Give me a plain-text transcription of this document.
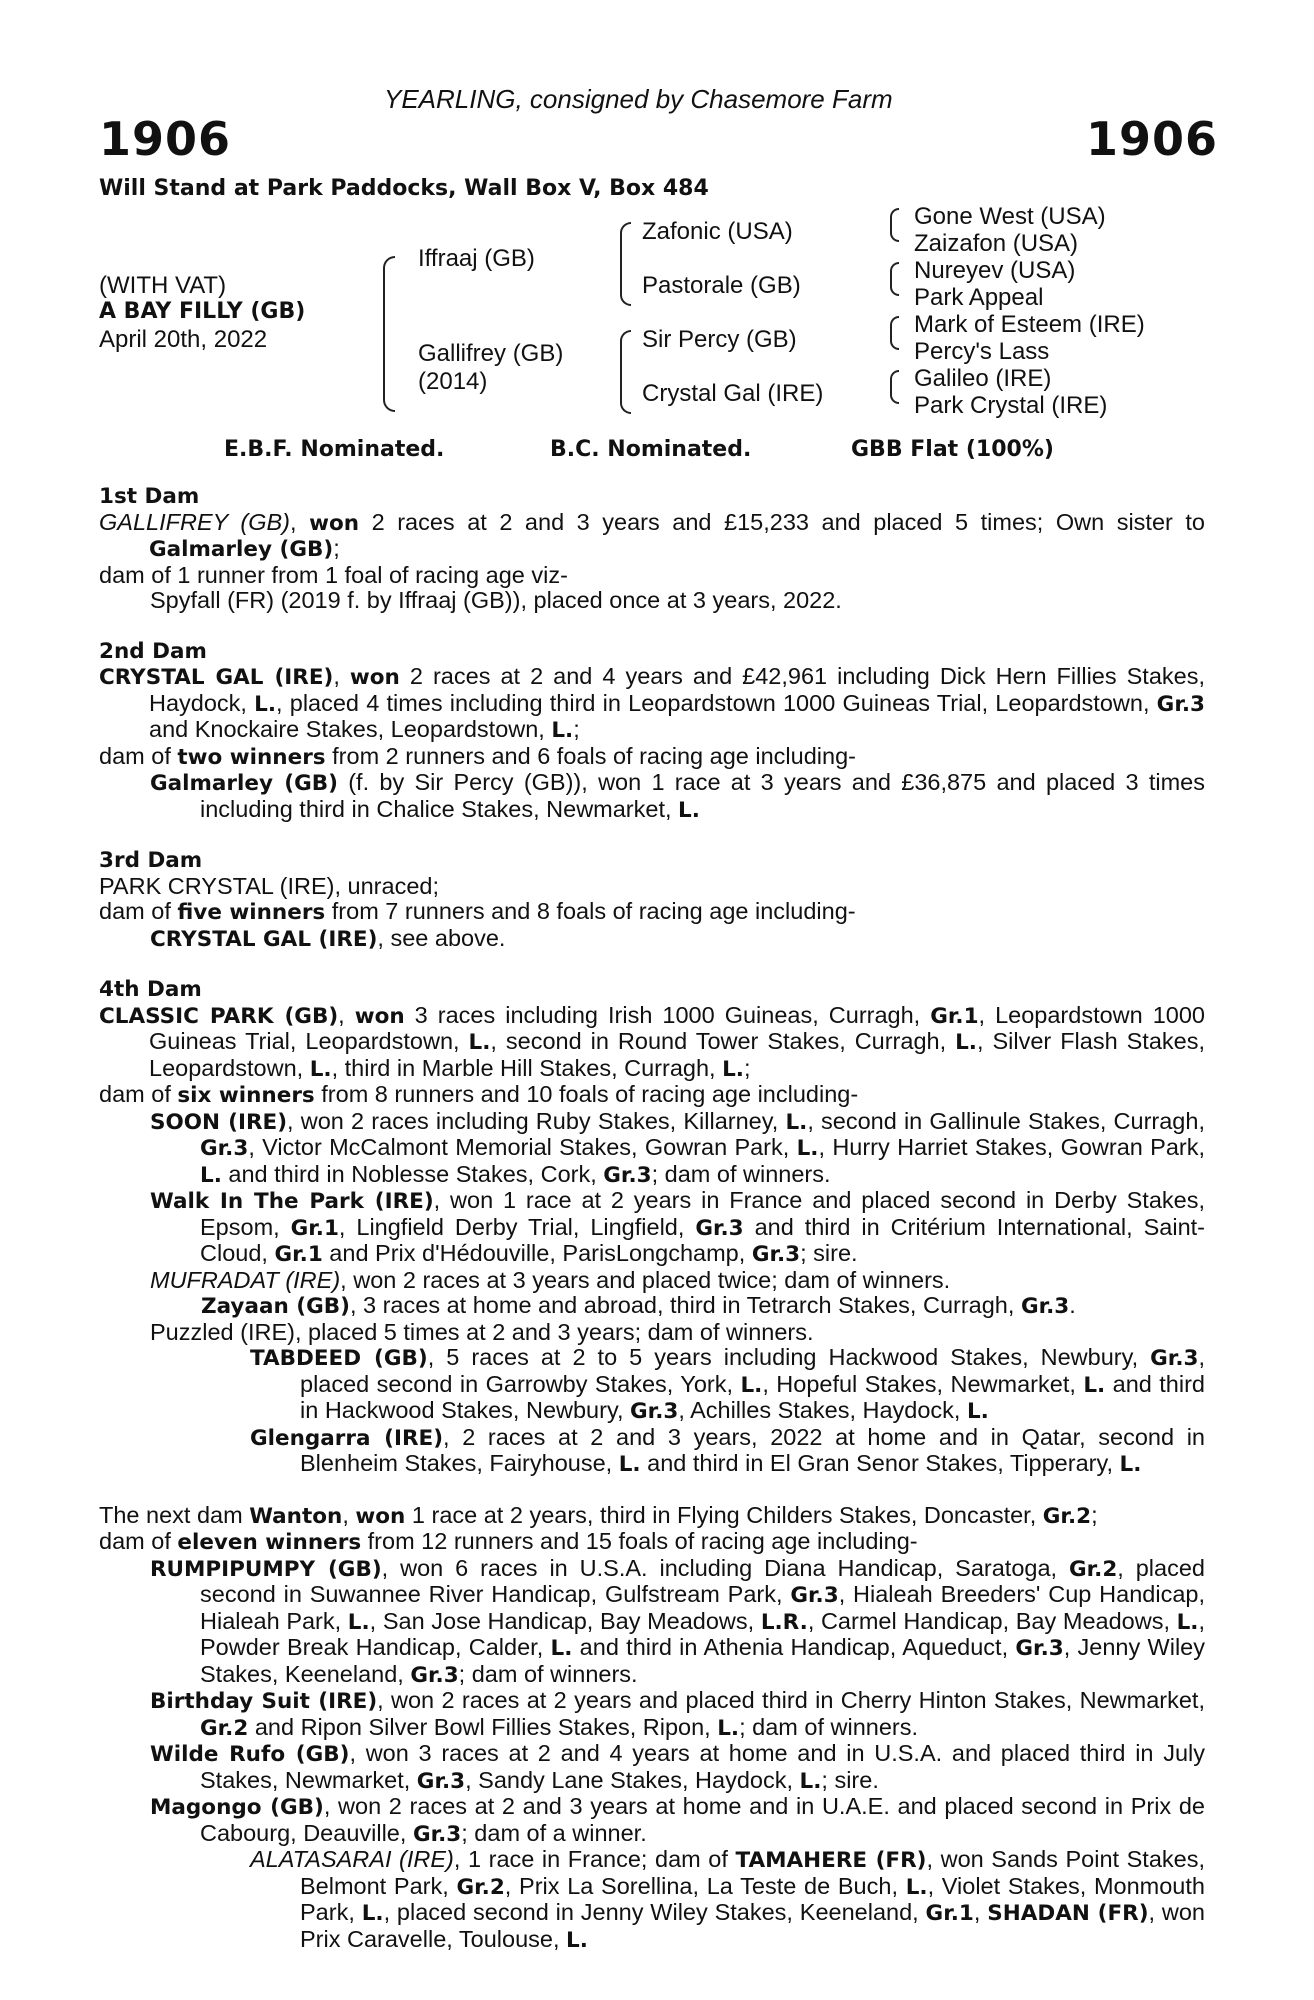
YEARLING, consigned by Chasemore Farm
1906	1906
Will Stand at Park Paddocks, Wall Box V, Box 484
(WITH VAT)
A BAY FILLY (GB)
April 20th, 2022
Iffraaj (GB)
Gallifrey (GB)
(2014)
Zafonic (USA)
Pastorale (GB)
Sir Percy (GB)
Crystal Gal (IRE)
Gone West (USA)
Zaizafon (USA)
Nureyev (USA)
Park Appeal
Mark of Esteem (IRE)
Percy's Lass
Galileo (IRE)
Park Crystal (IRE)
E.B.F. Nominated.	B.C. Nominated.	GBB Flat (100%)

1st Dam

GALLIFREY (GB), won 2 races at 2 and 3 years and £15,233 and placed 5 times; Own sister to Galmarley (GB);

dam of 1 runner from 1 foal of racing age viz-

Spyfall (FR) (2019 f. by Iffraaj (GB)), placed once at 3 years, 2022.

2nd Dam

CRYSTAL GAL (IRE), won 2 races at 2 and 4 years and £42,961 including Dick Hern Fillies Stakes, Haydock, L., placed 4 times including third in Leopardstown 1000 Guineas Trial, Leopardstown, Gr.3 and Knockaire Stakes, Leopardstown, L.;

dam of two winners from 2 runners and 6 foals of racing age including-

Galmarley (GB) (f. by Sir Percy (GB)), won 1 race at 3 years and £36,875 and placed 3 times including third in Chalice Stakes, Newmarket, L.

3rd Dam

PARK CRYSTAL (IRE), unraced;

dam of five winners from 7 runners and 8 foals of racing age including-

CRYSTAL GAL (IRE), see above.

4th Dam

CLASSIC PARK (GB), won 3 races including Irish 1000 Guineas, Curragh, Gr.1, Leopardstown 1000 Guineas Trial, Leopardstown, L., second in Round Tower Stakes, Curragh, L., Silver Flash Stakes, Leopardstown, L., third in Marble Hill Stakes, Curragh, L.;

dam of six winners from 8 runners and 10 foals of racing age including-

SOON (IRE), won 2 races including Ruby Stakes, Killarney, L., second in Gallinule Stakes, Curragh, Gr.3, Victor McCalmont Memorial Stakes, Gowran Park, L., Hurry Harriet Stakes, Gowran Park, L. and third in Noblesse Stakes, Cork, Gr.3; dam of winners.

Walk In The Park (IRE), won 1 race at 2 years in France and placed second in Derby Stakes, Epsom, Gr.1, Lingfield Derby Trial, Lingfield, Gr.3 and third in Critérium International, Saint-Cloud, Gr.1 and Prix d'Hédouville, ParisLongchamp, Gr.3; sire.

MUFRADAT (IRE), won 2 races at 3 years and placed twice; dam of winners.

Zayaan (GB), 3 races at home and abroad, third in Tetrarch Stakes, Curragh, Gr.3.

Puzzled (IRE), placed 5 times at 2 and 3 years; dam of winners.

TABDEED (GB), 5 races at 2 to 5 years including Hackwood Stakes, Newbury, Gr.3, placed second in Garrowby Stakes, York, L., Hopeful Stakes, Newmarket, L. and third in Hackwood Stakes, Newbury, Gr.3, Achilles Stakes, Haydock, L.

Glengarra (IRE), 2 races at 2 and 3 years, 2022 at home and in Qatar, second in Blenheim Stakes, Fairyhouse, L. and third in El Gran Senor Stakes, Tipperary, L.

The next dam Wanton, won 1 race at 2 years, third in Flying Childers Stakes, Doncaster, Gr.2;

dam of eleven winners from 12 runners and 15 foals of racing age including-

RUMPIPUMPY (GB), won 6 races in U.S.A. including Diana Handicap, Saratoga, Gr.2, placed second in Suwannee River Handicap, Gulfstream Park, Gr.3, Hialeah Breeders' Cup Handicap, Hialeah Park, L., San Jose Handicap, Bay Meadows, L.R., Carmel Handicap, Bay Meadows, L., Powder Break Handicap, Calder, L. and third in Athenia Handicap, Aqueduct, Gr.3, Jenny Wiley Stakes, Keeneland, Gr.3; dam of winners.

Birthday Suit (IRE), won 2 races at 2 years and placed third in Cherry Hinton Stakes, Newmarket, Gr.2 and Ripon Silver Bowl Fillies Stakes, Ripon, L.; dam of winners.

Wilde Rufo (GB), won 3 races at 2 and 4 years at home and in U.S.A. and placed third in July Stakes, Newmarket, Gr.3, Sandy Lane Stakes, Haydock, L.; sire.

Magongo (GB), won 2 races at 2 and 3 years at home and in U.A.E. and placed second in Prix de Cabourg, Deauville, Gr.3; dam of a winner.

ALATASARAI (IRE), 1 race in France; dam of TAMAHERE (FR), won Sands Point Stakes, Belmont Park, Gr.2, Prix La Sorellina, La Teste de Buch, L., Violet Stakes, Monmouth Park, L., placed second in Jenny Wiley Stakes, Keeneland, Gr.1, SHADAN (FR), won Prix Caravelle, Toulouse, L.
